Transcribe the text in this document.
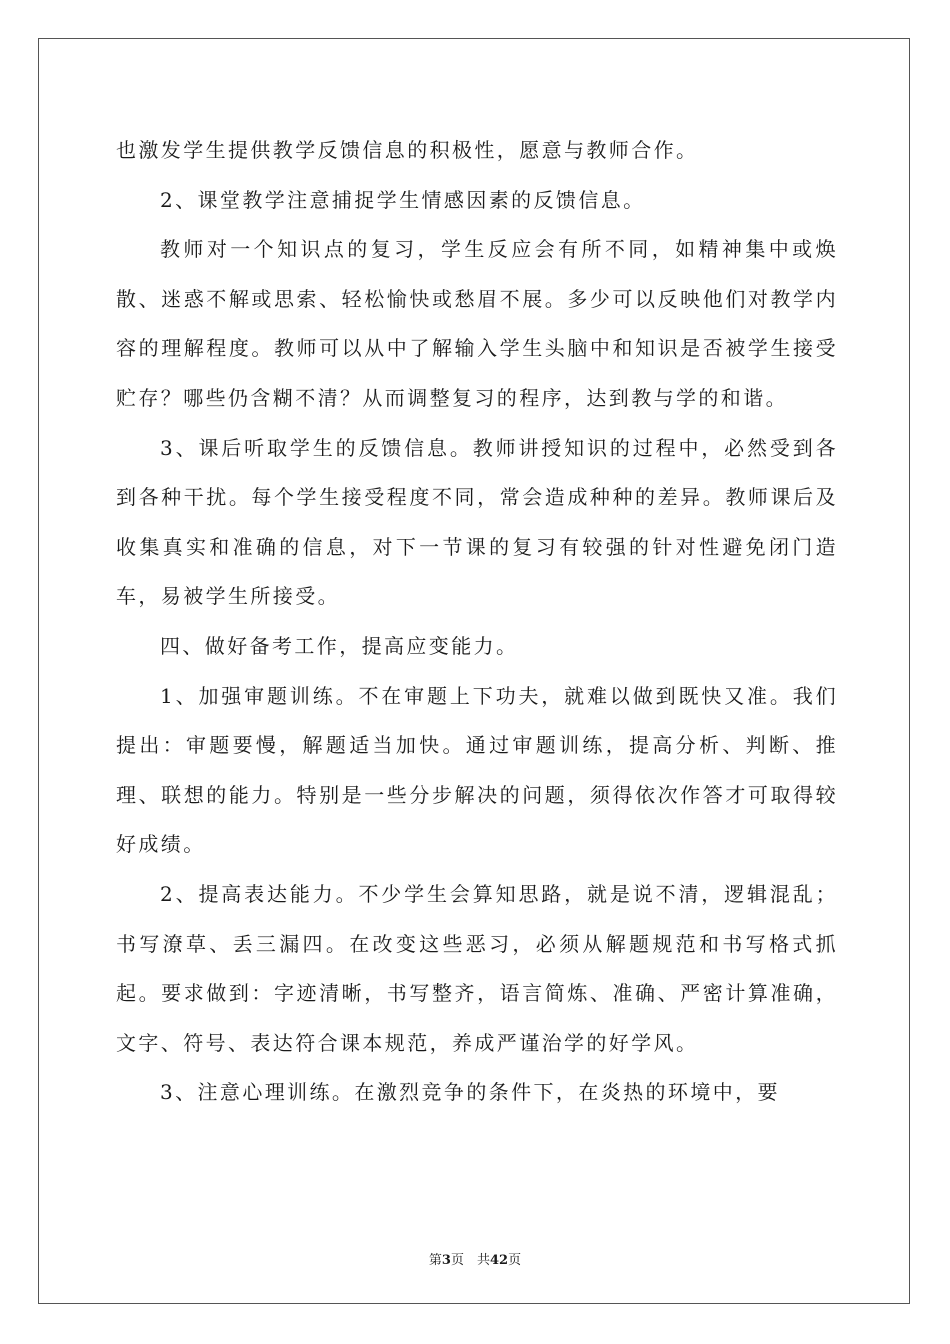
也激发学生提供教学反馈信息的积极性，愿意与教师合作。

2、课堂教学注意捕捉学生情感因素的反馈信息。

教师对一个知识点的复习，学生反应会有所不同，如精神集中或焕散、迷惑不解或思索、轻松愉快或愁眉不展。多少可以反映他们对教学内容的理解程度。教师可以从中了解输入学生头脑中和知识是否被学生接受贮存？哪些仍含糊不清？从而调整复习的程序，达到教与学的和谐。

3、课后听取学生的反馈信息。教师讲授知识的过程中，必然受到各到各种干扰。每个学生接受程度不同，常会造成种种的差异。教师课后及收集真实和准确的信息，对下一节课的复习有较强的针对性避免闭门造车，易被学生所接受。

四、做好备考工作，提高应变能力。

1、加强审题训练。不在审题上下功夫，就难以做到既快又准。我们提出：审题要慢，解题适当加快。通过审题训练，提高分析、判断、推理、联想的能力。特别是一些分步解决的问题，须得依次作答才可取得较好成绩。

2、提高表达能力。不少学生会算知思路，就是说不清，逻辑混乱；书写潦草、丢三漏四。在改变这些恶习，必须从解题规范和书写格式抓起。要求做到：字迹清晰，书写整齐，语言简炼、准确、严密计算准确，文字、符号、表达符合课本规范，养成严谨治学的好学风。

3、注意心理训练。在激烈竞争的条件下，在炎热的环境中，要

第3页　共42页
